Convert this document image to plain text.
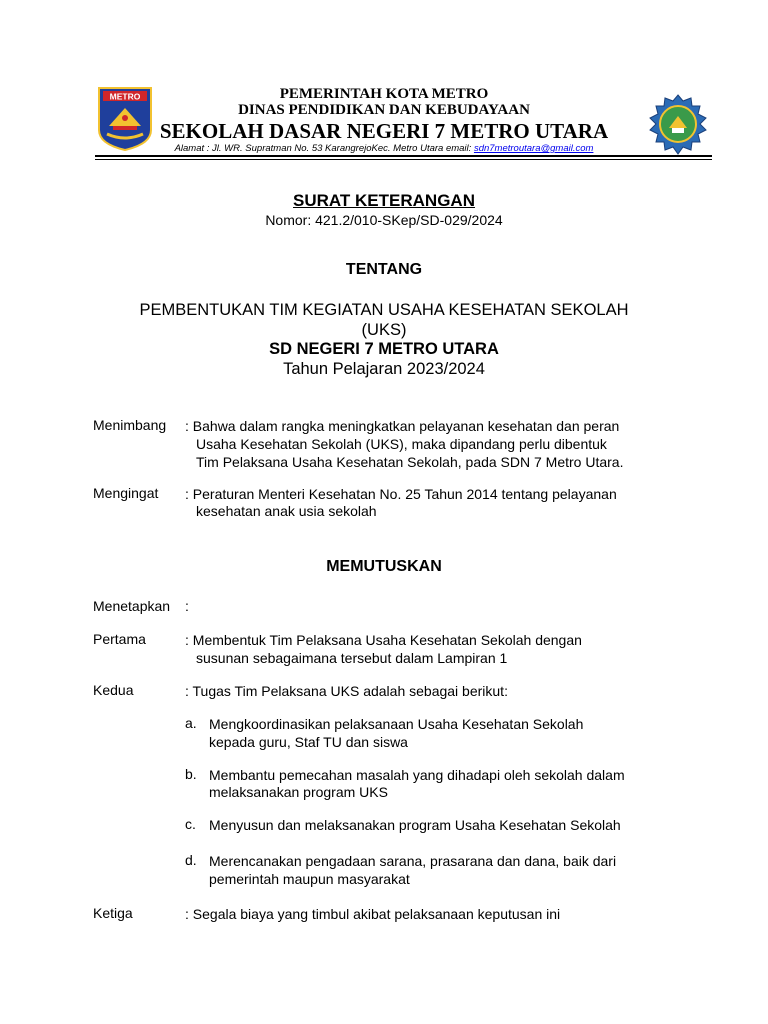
METRO	PEMERINTAH KOTA METRO
DINAS PENDIDIKAN DAN KEBUDAYAAN
SEKOLAH DASAR NEGERI 7 METRO UTARA
Alamat : Jl. WR. Supratman No. 53 KarangrejoKec. Metro Utara email: sdn7metroutara@gmail.com
SURAT KETERANGAN
Nomor: 421.2/010-SKep/SD-029/2024
TENTANG
PEMBENTUKAN TIM KEGIATAN USAHA KESEHATAN SEKOLAH
(UKS)
SD NEGERI 7 METRO UTARA
Tahun Pelajaran 2023/2024
Menimbang : Bahwa dalam rangka meningkatkan pelayanan kesehatan dan peran
Usaha Kesehatan Sekolah (UKS), maka dipandang perlu dibentuk
Tim Pelaksana Usaha Kesehatan Sekolah, pada SDN 7 Metro Utara.
Mengingat : Peraturan Menteri Kesehatan No. 25 Tahun 2014 tentang pelayanan
kesehatan anak usia sekolah
MEMUTUSKAN
Menetapkan :
Pertama	: Membentuk Tim Pelaksana Usaha Kesehatan Sekolah dengan
susunan sebagaimana tersebut dalam Lampiran 1
Kedua	: Tugas Tim Pelaksana UKS adalah sebagai berikut:
a. Mengkoordinasikan pelaksanaan Usaha Kesehatan Sekolah
kepada guru, Staf TU dan siswa
b. Membantu pemecahan masalah yang dihadapi oleh sekolah dalam
melaksanakan program UKS
c. Menyusun dan melaksanakan program Usaha Kesehatan Sekolah
d. Merencanakan pengadaan sarana, prasarana dan dana, baik dari
pemerintah maupun masyarakat
Ketiga	: Segala biaya yang timbul akibat pelaksanaan keputusan ini
